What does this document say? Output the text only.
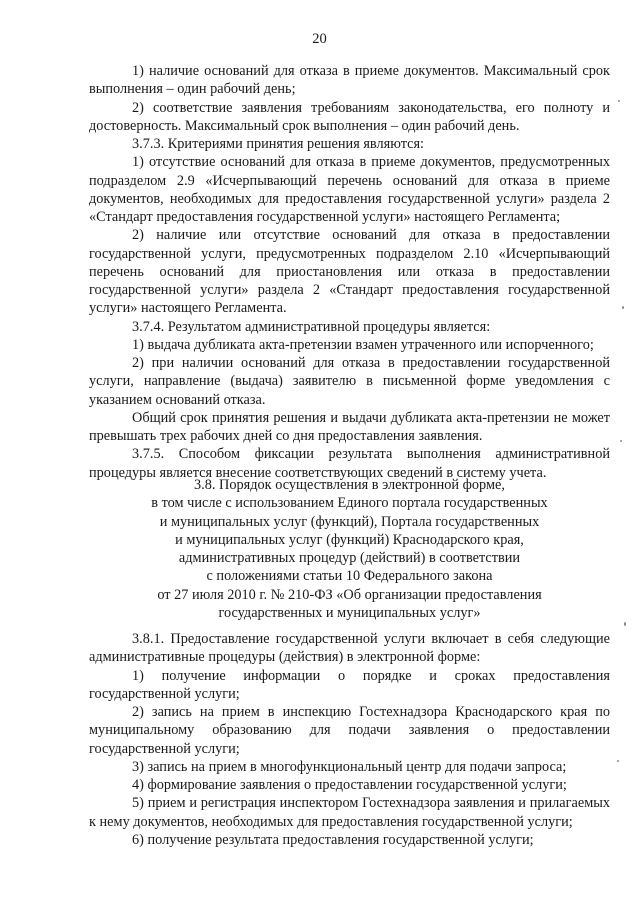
20

1) наличие оснований для отказа в приеме документов. Максимальный срок выполнения – один рабочий день;

2) соответствие заявления требованиям законодательства, его полноту и достоверность. Максимальный срок выполнения – один рабочий день.

3.7.3. Критериями принятия решения являются:

1) отсутствие оснований для отказа в приеме документов, предусмотренных подразделом 2.9 «Исчерпывающий перечень оснований для отказа в приеме документов, необходимых для предоставления государственной услуги» раздела 2 «Стандарт предоставления государственной услуги» настоящего Регламента;

2) наличие или отсутствие оснований для отказа в предоставлении государственной услуги, предусмотренных подразделом 2.10 «Исчерпывающий перечень оснований для приостановления или отказа в предоставлении государственной услуги» раздела 2 «Стандарт предоставления государственной услуги» настоящего Регламента.

3.7.4. Результатом административной процедуры является:

1) выдача дубликата акта-претензии взамен утраченного или испорченного;

2) при наличии оснований для отказа в предоставлении государственной услуги, направление (выдача) заявителю в письменной форме уведомления с указанием оснований отказа.

Общий срок принятия решения и выдачи дубликата акта-претензии не может превышать трех рабочих дней со дня предоставления заявления.

3.7.5. Способом фиксации результата выполнения административной процедуры является внесение соответствующих сведений в систему учета.

3.8. Порядок осуществления в электронной форме,
в том числе с использованием Единого портала государственных
и муниципальных услуг (функций), Портала государственных
и муниципальных услуг (функций) Краснодарского края,
административных процедур (действий) в соответствии
с положениями статьи 10 Федерального закона
от 27 июля 2010 г. № 210-ФЗ «Об организации предоставления
государственных и муниципальных услуг»

3.8.1. Предоставление государственной услуги включает в себя следующие административные процедуры (действия) в электронной форме:

1) получение информации о порядке и сроках предоставления государственной услуги;

2) запись на прием в инспекцию Гостехнадзора Краснодарского края по муниципальному образованию для подачи заявления о предоставлении государственной услуги;

3) запись на прием в многофункциональный центр для подачи запроса;

4) формирование заявления о предоставлении государственной услуги;

5) прием и регистрация инспектором Гостехнадзора заявления и прилагаемых к нему документов, необходимых для предоставления государственной услуги;

6) получение результата предоставления государственной услуги;
